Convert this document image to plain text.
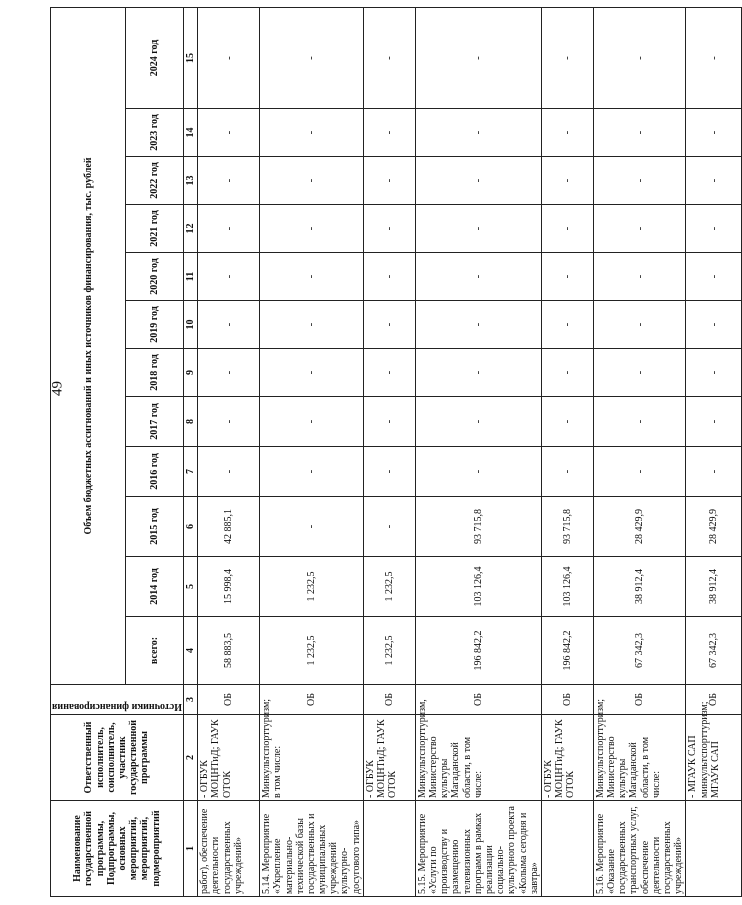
49
Наименование государственной программы, Подпрограммы, основных мероприятий, мероприятий, подмероприятий	Ответственный исполнитель, соисполнитель, участник государственной программы	Источники финансирования	Объем бюджетных ассигнований и иных источников финансирования, тыс. рублей											
			всего:	2014 год	2015 год	2016 год	2017 год	2018 год	2019 год	2020 год	2021 год	2022 год	2023 год	2024 год
1	2	3	4	5	6	7	8	9	10	11	12	13	14	15
работ), обеспечение деятельности государственных учреждений»	- ОГБУК МОЦНТиД; ГАУК ОТОК	ОБ	58 883,5	15 998,4	42 885,1	-	-	-	-	-	-	-	-	-
5.14. Мероприятие «Укрепление материально-технической базы государственных и муниципальных учреждений культурно-досугового типа»	Минкультспорттуризм; в том числе:	ОБ	1 232,5	1 232,5	-	-	-	-	-	-	-	-	-	-
	- ОГБУК МОЦНТиД; ГАУК ОТОК	ОБ	1 232,5	1 232,5	-	-	-	-	-	-	-	-	-	-
5.15. Мероприятие «Услуги по производству и размещению телевизионных программ в рамках реализации социально-культурного проекта «Колыма сегодня и завтра»	Минкультспорттуризм, Министерство культуры Магаданской области, в том числе:	ОБ	196 842,2	103 126,4	93 715,8	-	-	-	-	-	-	-	-	-
	- ОГБУК МОЦНТиД; ГАУК ОТОК	ОБ	196 842,2	103 126,4	93 715,8	-	-	-	-	-	-	-	-	-
5.16. Мероприятие «Оказание государственных транспортных услуг, обеспечение деятельности государственных учреждений»	Минкультспорттуризм; Министерство культуры Магаданской области, в том числе:	ОБ	67 342,3	38 912,4	28 429,9	-	-	-	-	-	-	-	-	-
	- МГАУК САП минкультспорттуризм; МГАУК САП	ОБ	67 342,3	38 912,4	28 429,9	-	-	-	-	-	-	-	-	-
